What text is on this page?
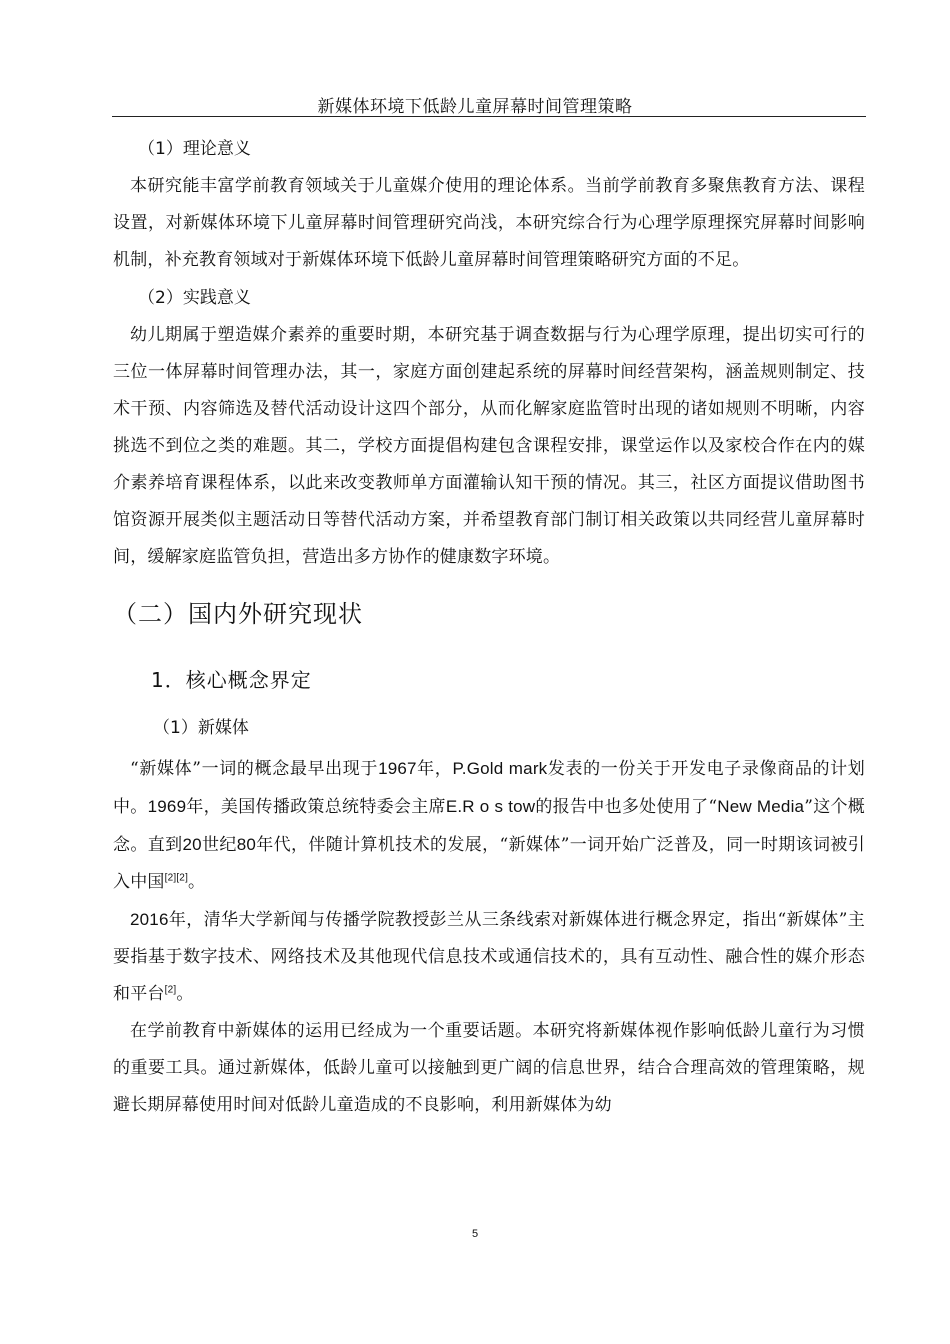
新媒体环境下低龄儿童屏幕时间管理策略
（1）理论意义

本研究能丰富学前教育领域关于儿童媒介使用的理论体系。当前学前教育多聚焦教育方法、课程设置，对新媒体环境下儿童屏幕时间管理研究尚浅，本研究综合行为心理学原理探究屏幕时间影响机制，补充教育领域对于新媒体环境下低龄儿童屏幕时间管理策略研究方面的不足。

（2）实践意义

幼儿期属于塑造媒介素养的重要时期，本研究基于调查数据与行为心理学原理，提出切实可行的三位一体屏幕时间管理办法，其一，家庭方面创建起系统的屏幕时间经营架构，涵盖规则制定、技术干预、内容筛选及替代活动设计这四个部分，从而化解家庭监管时出现的诸如规则不明晰，内容挑选不到位之类的难题。其二，学校方面提倡构建包含课程安排，课堂运作以及家校合作在内的媒介素养培育课程体系，以此来改变教师单方面灌输认知干预的情况。其三，社区方面提议借助图书馆资源开展类似主题活动日等替代活动方案，并希望教育部门制订相关政策以共同经营儿童屏幕时间，缓解家庭监管负担，营造出多方协作的健康数字环境。

（二）国内外研究现状
1．核心概念界定
（1）新媒体

“新媒体”一词的概念最早出现于1967年，P.Gold mark发表的一份关于开发电子录像商品的计划中。1969年，美国传播政策总统特委会主席E.R o s tow的报告中也多处使用了“New Media”这个概念。直到20世纪80年代，伴随计算机技术的发展，“新媒体”一词开始广泛普及，同一时期该词被引入中国[2][2]。

2016年，清华大学新闻与传播学院教授彭兰从三条线索对新媒体进行概念界定，指出“新媒体”主要指基于数字技术、网络技术及其他现代信息技术或通信技术的，具有互动性、融合性的媒介形态和平台[2]。

在学前教育中新媒体的运用已经成为一个重要话题。本研究将新媒体视作影响低龄儿童行为习惯的重要工具。通过新媒体，低龄儿童可以接触到更广阔的信息世界，结合合理高效的管理策略，规避长期屏幕使用时间对低龄儿童造成的不良影响，利用新媒体为幼

5
